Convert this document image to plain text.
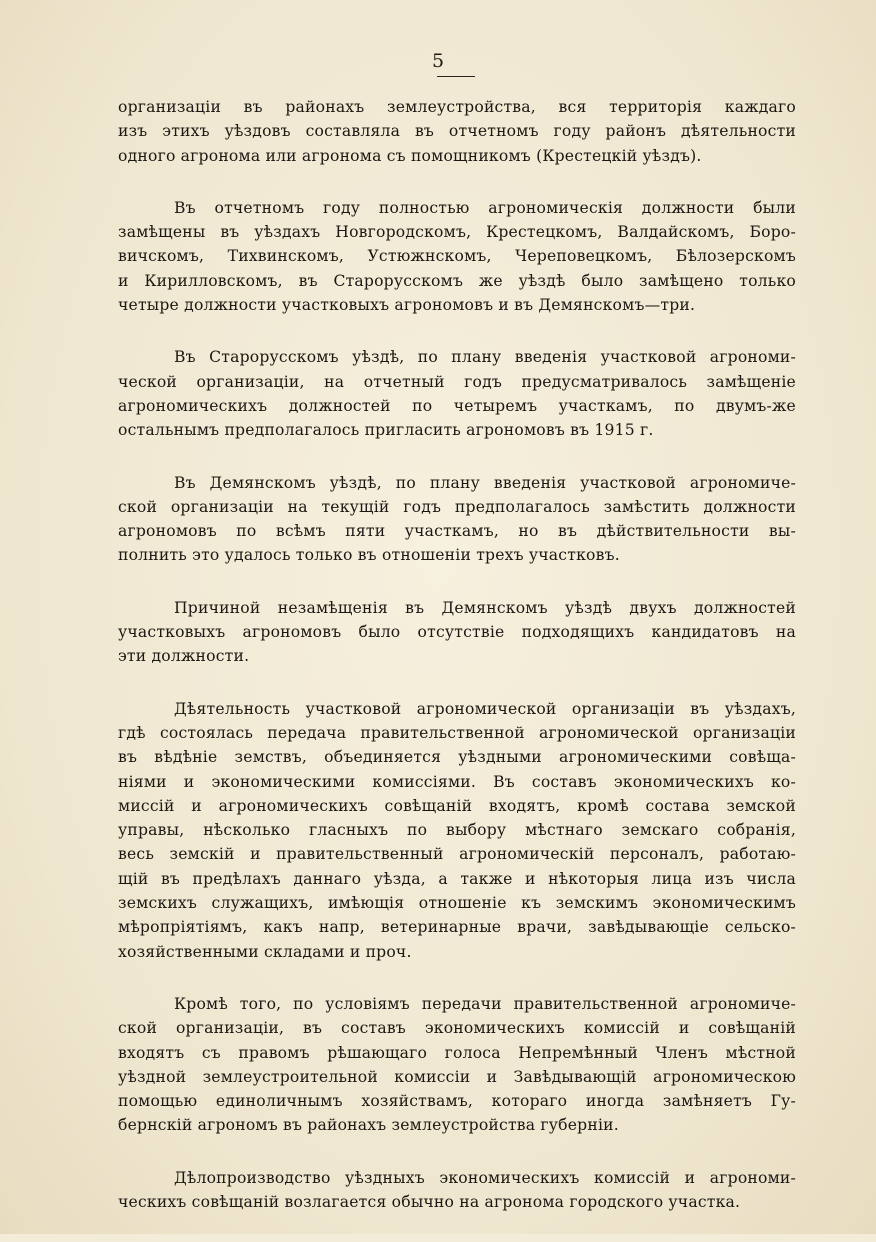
5

организацiи въ районахъ землеустройства, вся территорiя каждаго
изъ этихъ уѣздовъ составляла въ отчетномъ году районъ дѣятельности
одного агронома или агронома съ помощникомъ (Крестецкiй уѣздъ).

Въ отчетномъ году полностью агрономическiя должности были
замѣщены въ уѣздахъ Новгородскомъ, Крестецкомъ, Валдайскомъ, Боро-
вичскомъ, Тихвинскомъ, Устюжнскомъ, Череповецкомъ, Бѣлозерскомъ
и Кирилловскомъ, въ Старорусскомъ же уѣздѣ было замѣщено только
четыре должности участковыхъ агрономовъ и въ Демянскомъ—три.

Въ Старорусскомъ уѣздѣ, по плану введенiя участковой агрономи-
ческой организацiи, на отчетный годъ предусматривалось замѣщенiе
агрономическихъ должностей по четыремъ участкамъ, по двумъ-же
остальнымъ предполагалось пригласить агрономовъ въ 1915 г.

Въ Демянскомъ уѣздѣ, по плану введенiя участковой агрономиче-
ской организацiи на текущiй годъ предполагалось замѣстить должности
агрономовъ по всѣмъ пяти участкамъ, но въ дѣйствительности вы-
полнить это удалось только въ отношенiи трехъ участковъ.

Причиной незамѣщенiя въ Демянскомъ уѣздѣ двухъ должностей
участковыхъ агрономовъ было отсутствiе подходящихъ кандидатовъ на
эти должности.

Дѣятельность участковой агрономической организацiи въ уѣздахъ,
гдѣ состоялась передача правительственной агрономической организацiи
въ вѣдѣнiе земствъ, объединяется уѣздными агрономическими совѣща-
нiями и экономическими комиссiями. Въ составъ экономическихъ ко-
миссiй и агрономическихъ совѣщанiй входятъ, кромѣ состава земской
управы, нѣсколько гласныхъ по выбору мѣстнаго земскаго собранiя,
весь земскiй и правительственный агрономическiй персоналъ, работаю-
щiй въ предѣлахъ даннаго уѣзда, а также и нѣкоторыя лица изъ числа
земскихъ служащихъ, имѣющiя отношенiе къ земскимъ экономическимъ
мѣропрiятiямъ, какъ напр, ветеринарные врачи, завѣдывающiе сельско-
хозяйственными складами и проч.

Кромѣ того, по условiямъ передачи правительственной агрономиче-
ской организацiи, въ составъ экономическихъ комиссiй и совѣщанiй
входятъ съ правомъ рѣшающаго голоса Непремѣнный Членъ мѣстной
уѣздной землеустроительной комиссiи и Завѣдывающiй агрономическою
помощью единоличнымъ хозяйствамъ, котораго иногда замѣняетъ Гу-
бернскiй агрономъ въ районахъ землеустройства губернiи.

Дѣлопроизводство уѣздныхъ экономическихъ комиссiй и агрономи-
ческихъ совѣщанiй возлагается обычно на агронома городского участка.
